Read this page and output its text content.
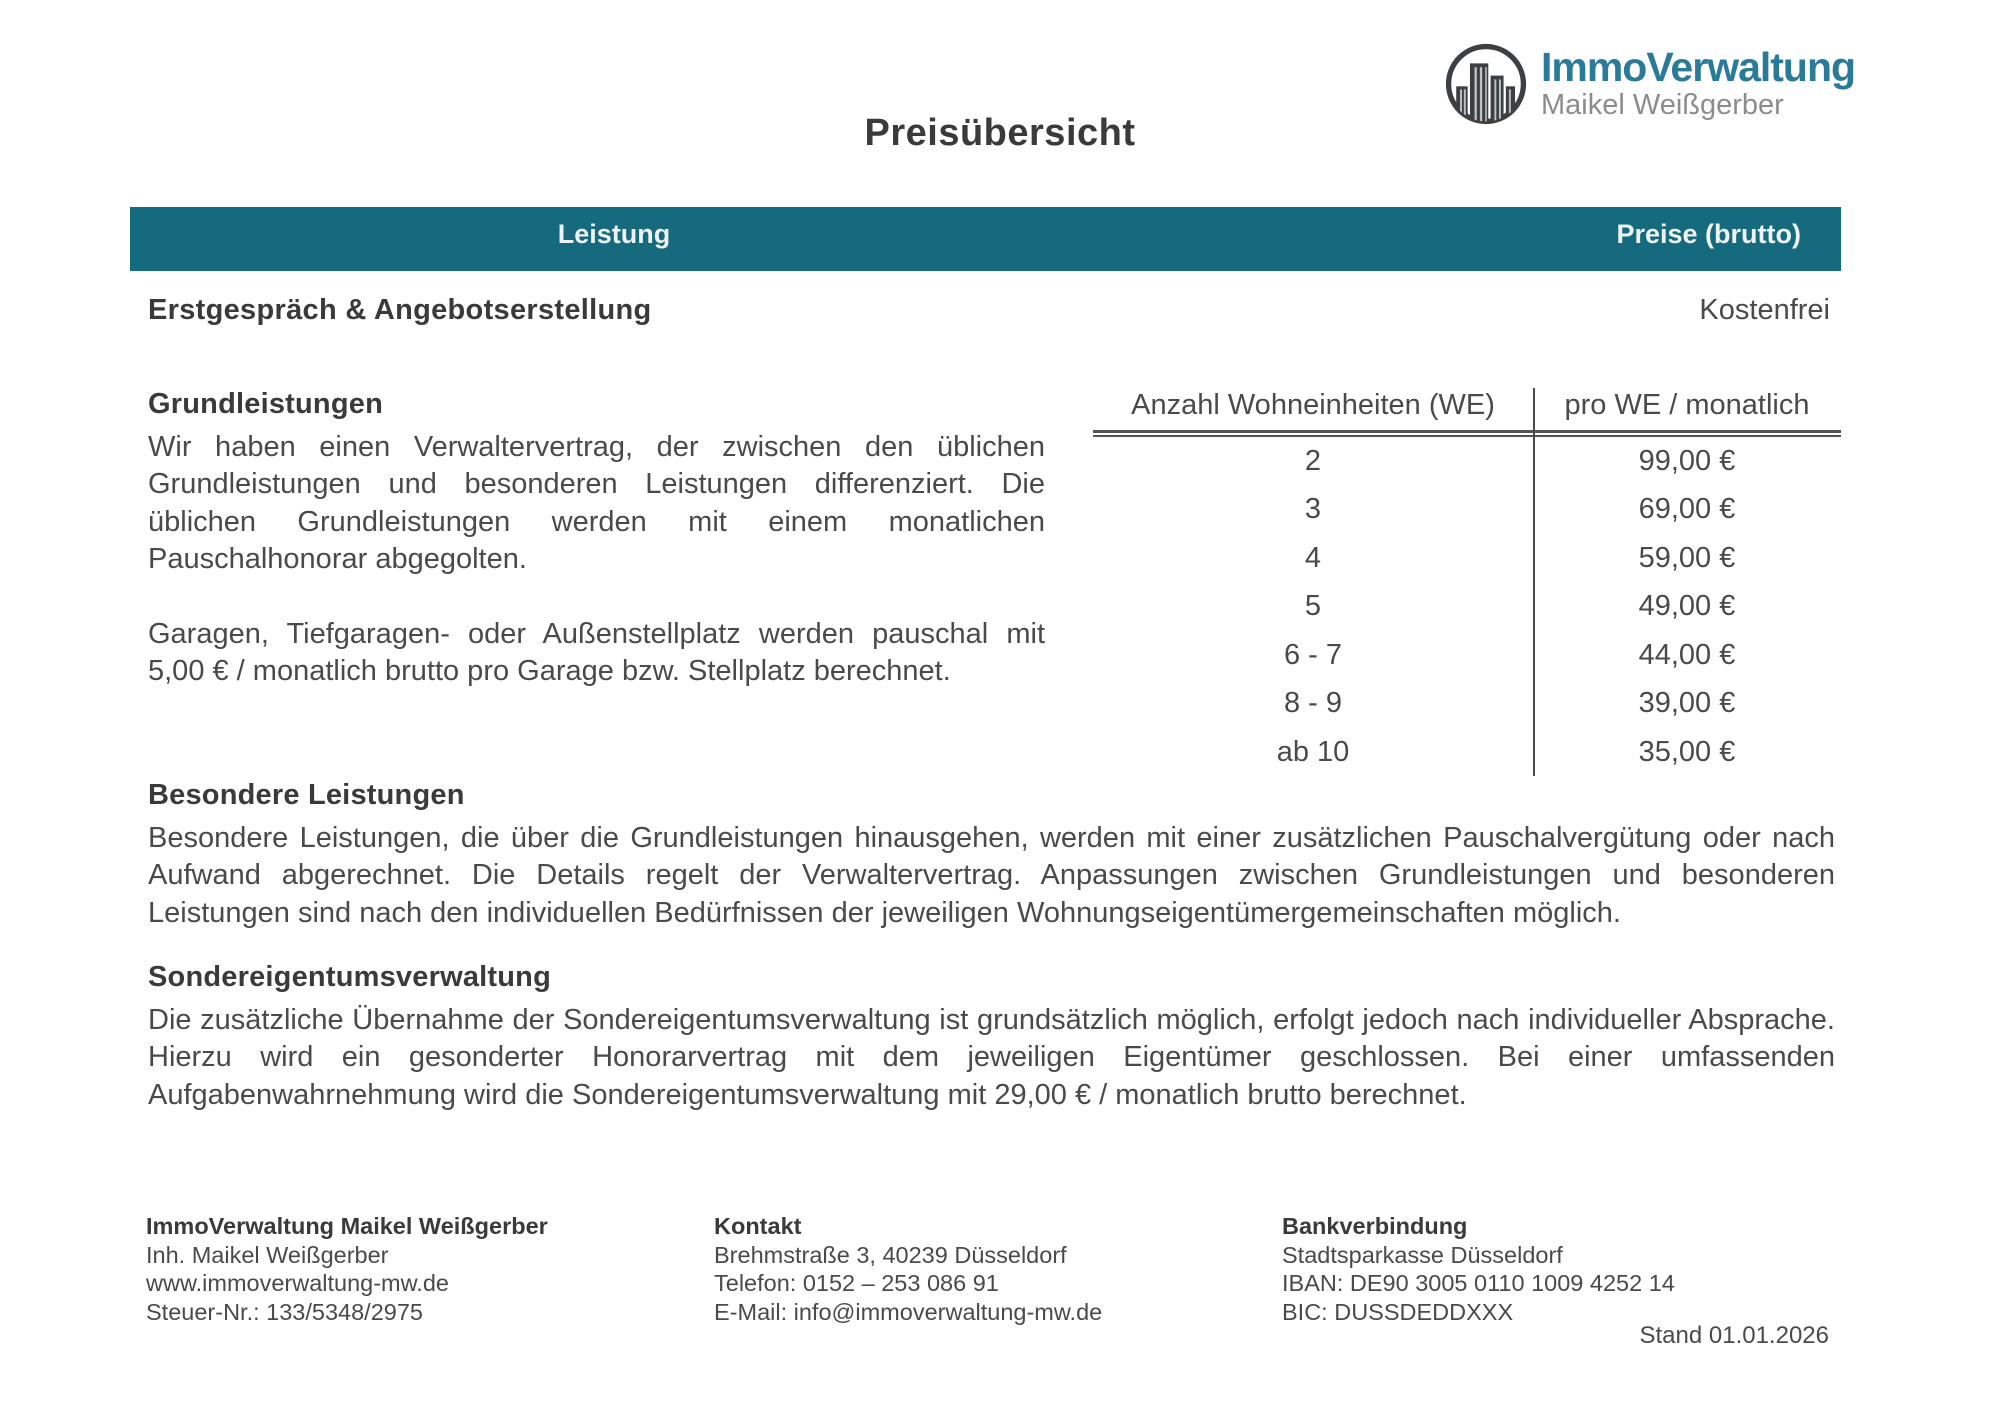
ImmoVerwaltung
Maikel Weißgerber
Preisübersicht
Leistung	Preise (brutto)
Erstgespräch & Angebotserstellung	Kostenfrei
Grundleistungen

Wir haben einen Verwaltervertrag, der zwischen den üblichen Grundleistungen und besonderen Leistungen differenziert. Die üblichen Grundleistungen werden mit einem monatlichen Pauschalhonorar abgegolten.

Garagen, Tiefgaragen- oder Außenstellplatz werden pauschal mit 5,00 € / monatlich brutto pro Garage bzw. Stellplatz berechnet.

Anzahl Wohneinheiten (WE)	pro WE / monatlich
2	99,00 €
3	69,00 €
4	59,00 €
5	49,00 €
6 - 7	44,00 €
8 - 9	39,00 €
ab 10	35,00 €
Besondere Leistungen

Besondere Leistungen, die über die Grundleistungen hinausgehen, werden mit einer zusätzlichen Pauschalvergütung oder nach Aufwand abgerechnet. Die Details regelt der Verwaltervertrag. Anpassungen zwischen Grundleistungen und besonderen Leistungen sind nach den individuellen Bedürfnissen der jeweiligen Wohnungseigentümergemeinschaften möglich.

Sondereigentumsverwaltung

Die zusätzliche Übernahme der Sondereigentumsverwaltung ist grundsätzlich möglich, erfolgt jedoch nach individueller Absprache. Hierzu wird ein gesonderter Honorarvertrag mit dem jeweiligen Eigentümer geschlossen. Bei einer umfassenden Aufgabenwahrnehmung wird die Sondereigentumsverwaltung mit 29,00 € / monatlich brutto berechnet.

ImmoVerwaltung Maikel Weißgerber
Inh. Maikel Weißgerber
www.immoverwaltung-mw.de
Steuer-Nr.: 133/5348/2975
Kontakt
Brehmstraße 3, 40239 Düsseldorf
Telefon: 0152 – 253 086 91
E-Mail: info@immoverwaltung-mw.de
Bankverbindung
Stadtsparkasse Düsseldorf
IBAN: DE90 3005 0110 1009 4252 14
BIC: DUSSDEDDXXX
Stand 01.01.2026
